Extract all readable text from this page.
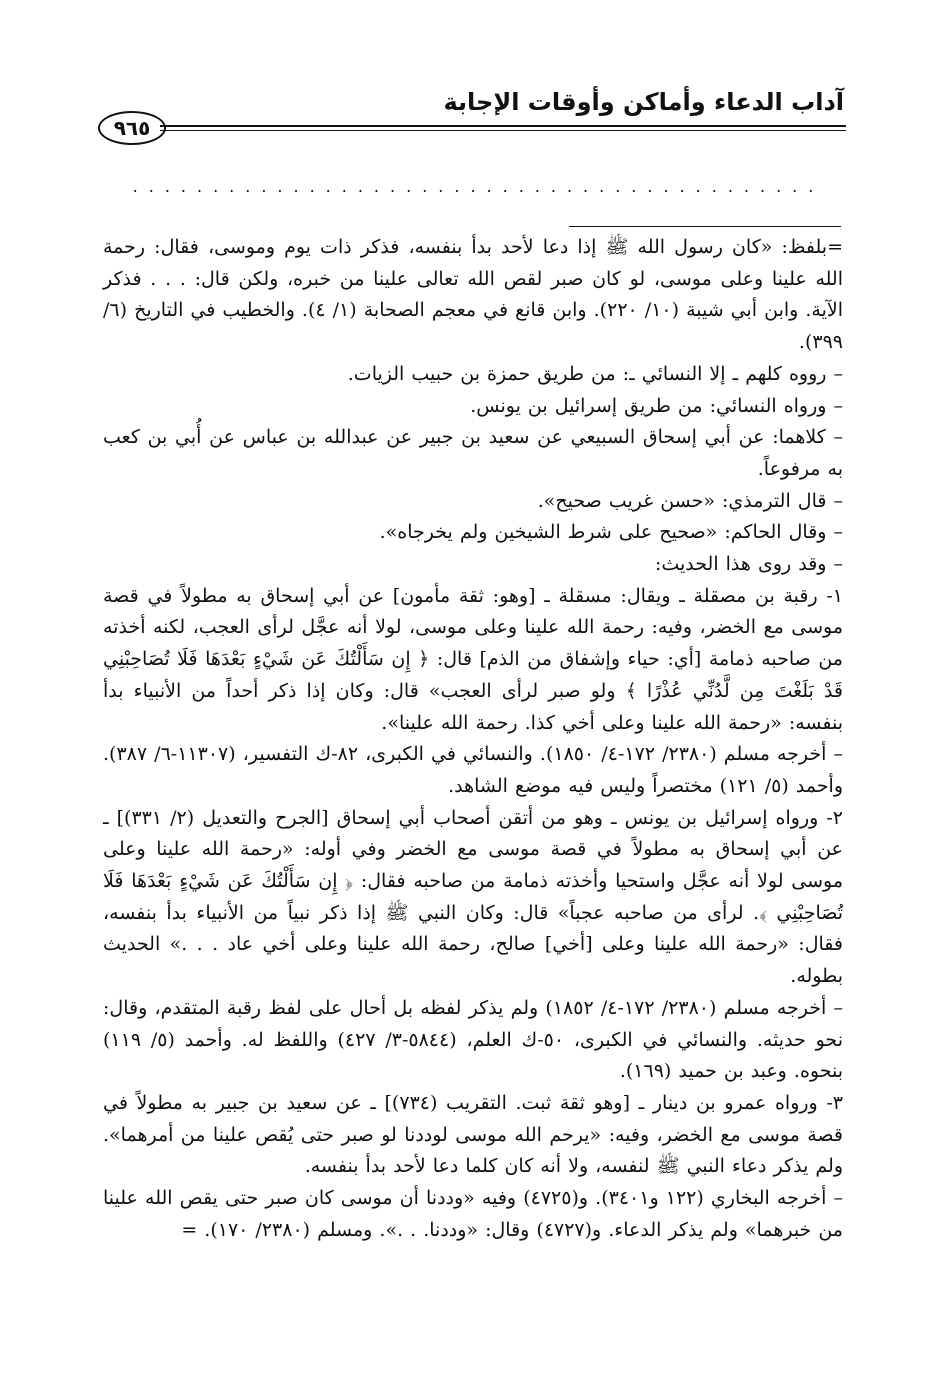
آداب الدعاء وأماكن وأوقات الإجابة
٩٦٥
...........................................

=بلفظ: «كان رسول الله ﷺ إذا دعا لأحد بدأ بنفسه، فذكر ذات يوم وموسى، فقال: رحمة الله علينا وعلى موسى، لو كان صبر لقص الله تعالى علينا من خبره، ولكن قال: . . . فذكر الآية. وابن أبي شيبة (١٠/ ٢٢٠). وابن قانع في معجم الصحابة (١/ ٤). والخطيب في التاريخ (٦/ ٣٩٩).

– رووه كلهم ـ إلا النسائي ـ: من طريق حمزة بن حبيب الزيات.

– ورواه النسائي: من طريق إسرائيل بن يونس.

– كلاهما: عن أبي إسحاق السبيعي عن سعيد بن جبير عن عبدالله بن عباس عن أُبي بن كعب به مرفوعاً.

– قال الترمذي: «حسن غريب صحيح».

– وقال الحاكم: «صحيح على شرط الشيخين ولم يخرجاه».

– وقد روى هذا الحديث:

١- رقبة بن مصقلة ـ ويقال: مسقلة ـ [وهو: ثقة مأمون] عن أبي إسحاق به مطولاً في قصة موسى مع الخضر، وفيه: رحمة الله علينا وعلى موسى، لولا أنه عجَّل لرأى العجب، لكنه أخذته من صاحبه ذمامة [أي: حياء وإشفاق من الذم] قال: ﴿ إِن سَأَلْتُكَ عَن شَيْءٍ بَعْدَهَا فَلَا تُصَاحِبْنِي قَدْ بَلَغْتَ مِن لَّدُنِّي عُذْرًا ﴾ ولو صبر لرأى العجب» قال: وكان إذا ذكر أحداً من الأنبياء بدأ بنفسه: «رحمة الله علينا وعلى أخي كذا. رحمة الله علينا».

– أخرجه مسلم (٢٣٨٠/ ١٧٢-٤/ ١٨٥٠). والنسائي في الكبرى، ٨٢-ك التفسير، (١١٣٠٧-٦/ ٣٨٧). وأحمد (٥/ ١٢١) مختصراً وليس فيه موضع الشاهد.

٢- ورواه إسرائيل بن يونس ـ وهو من أتقن أصحاب أبي إسحاق [الجرح والتعديل (٢/ ٣٣١)] ـ عن أبي إسحاق به مطولاً في قصة موسى مع الخضر وفي أوله: «رحمة الله علينا وعلى موسى لولا أنه عجَّل واستحيا وأخذته ذمامة من صاحبه فقال: ﴿ إِن سَأَلْتُكَ عَن شَيْءٍ بَعْدَهَا فَلَا تُصَاحِبْنِي ﴾. لرأى من صاحبه عجباً» قال: وكان النبي ﷺ إذا ذكر نبياً من الأنبياء بدأ بنفسه، فقال: «رحمة الله علينا وعلى [أخي] صالح، رحمة الله علينا وعلى أخي عاد . . .» الحديث بطوله.

– أخرجه مسلم (٢٣٨٠/ ١٧٢-٤/ ١٨٥٢) ولم يذكر لفظه بل أحال على لفظ رقبة المتقدم، وقال: نحو حديثه. والنسائي في الكبرى، ٥٠-ك العلم، (٥٨٤٤-٣/ ٤٢٧) واللفظ له. وأحمد (٥/ ١١٩) بنحوه. وعبد بن حميد (١٦٩).

٣- ورواه عمرو بن دينار ـ [وهو ثقة ثبت. التقريب (٧٣٤)] ـ عن سعيد بن جبير به مطولاً في قصة موسى مع الخضر، وفيه: «يرحم الله موسى لوددنا لو صبر حتى يُقص علينا من أمرهما». ولم يذكر دعاء النبي ﷺ لنفسه، ولا أنه كان كلما دعا لأحد بدأ بنفسه.

– أخرجه البخاري (١٢٢ و٣٤٠١). و(٤٧٢٥) وفيه «وددنا أن موسى كان صبر حتى يقص الله علينا من خبرهما» ولم يذكر الدعاء. و(٤٧٢٧) وقال: «وددنا. . .». ومسلم (٢٣٨٠/ ١٧٠). =
